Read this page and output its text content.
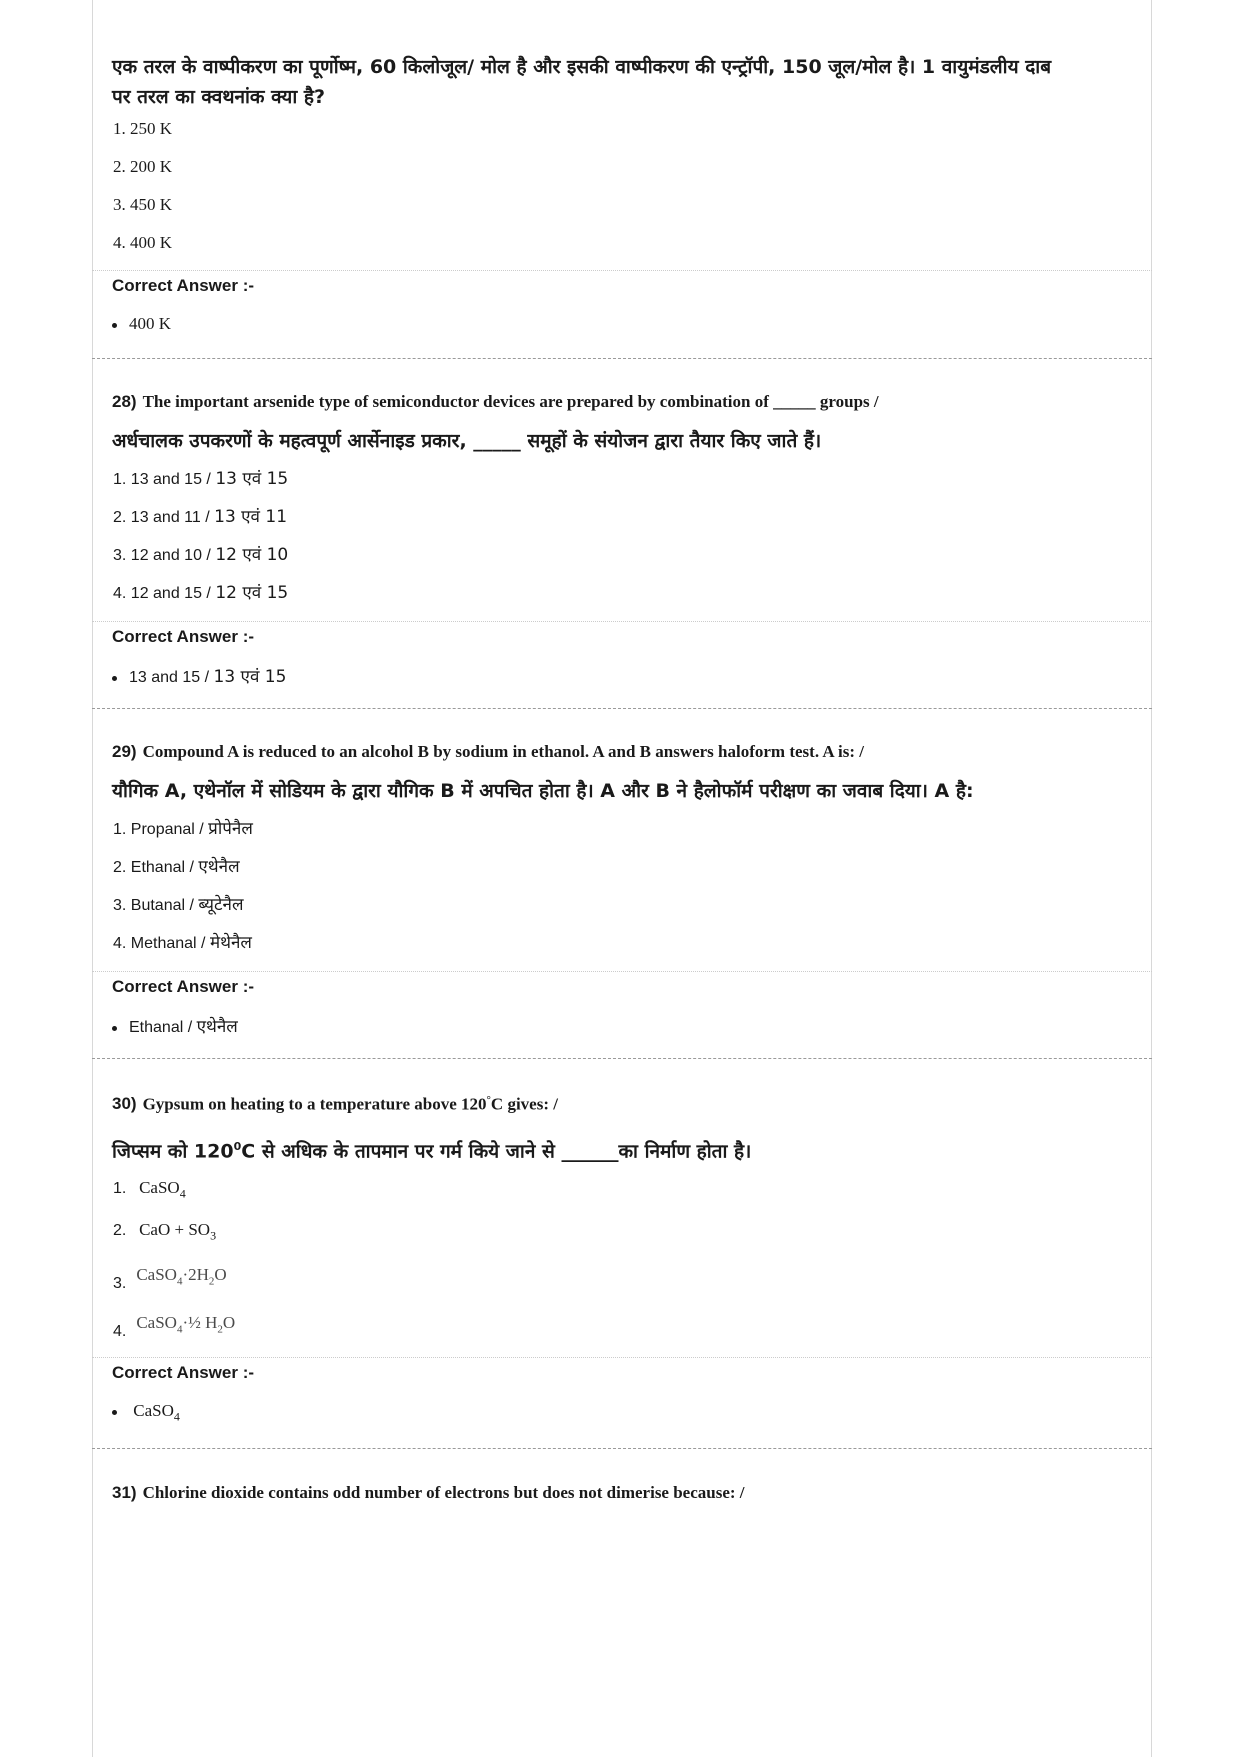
एक तरल के वाष्पीकरण का पूर्णोष्म, 60 किलोजूल/ मोल है और इसकी वाष्पीकरण की एन्ट्रॉपी, 150 जूल/मोल है। 1 वायुमंडलीय दाब
पर तरल का क्वथनांक क्या है?
1. 250 K
2. 200 K
3. 450 K
4. 400 K
Correct Answer :-
400 K
28) The important arsenide type of semiconductor devices are prepared by combination of _____ groups /
अर्धचालक उपकरणों के महत्वपूर्ण आर्सेनाइड प्रकार, _____ समूहों के संयोजन द्वारा तैयार किए जाते हैं।
1. 13 and 15 / 13 एवं 15
2. 13 and 11 / 13 एवं 11
3. 12 and 10 / 12 एवं 10
4. 12 and 15 / 12 एवं 15
Correct Answer :-
13 and 15 / 13 एवं 15
29) Compound A is reduced to an alcohol B by sodium in ethanol. A and B answers haloform test. A is: /
यौगिक A, एथेनॉल में सोडियम के द्वारा यौगिक B में अपचित होता है। A और B ने हैलोफॉर्म परीक्षण का जवाब दिया। A है:
1. Propanal / प्रोपेनैल
2. Ethanal / एथेनैल
3. Butanal / ब्यूटेनैल
4. Methanal / मेथेनैल
Correct Answer :-
Ethanal / एथेनैल
30) Gypsum on heating to a temperature above 120°C gives: /
जिप्सम को $120^0C$ से अधिक के तापमान पर गर्म किये जाने से ______का निर्माण होता है।
1. CaSO$_4$
2. CaO + $SO_3$
3. $CaSO_4\cdot 2H_2O$
4. CaSO$_4$·½ $H_2O$
Correct Answer :-
CaSO$_4$
31) Chlorine dioxide contains odd number of electrons but does not dimerise because: /
